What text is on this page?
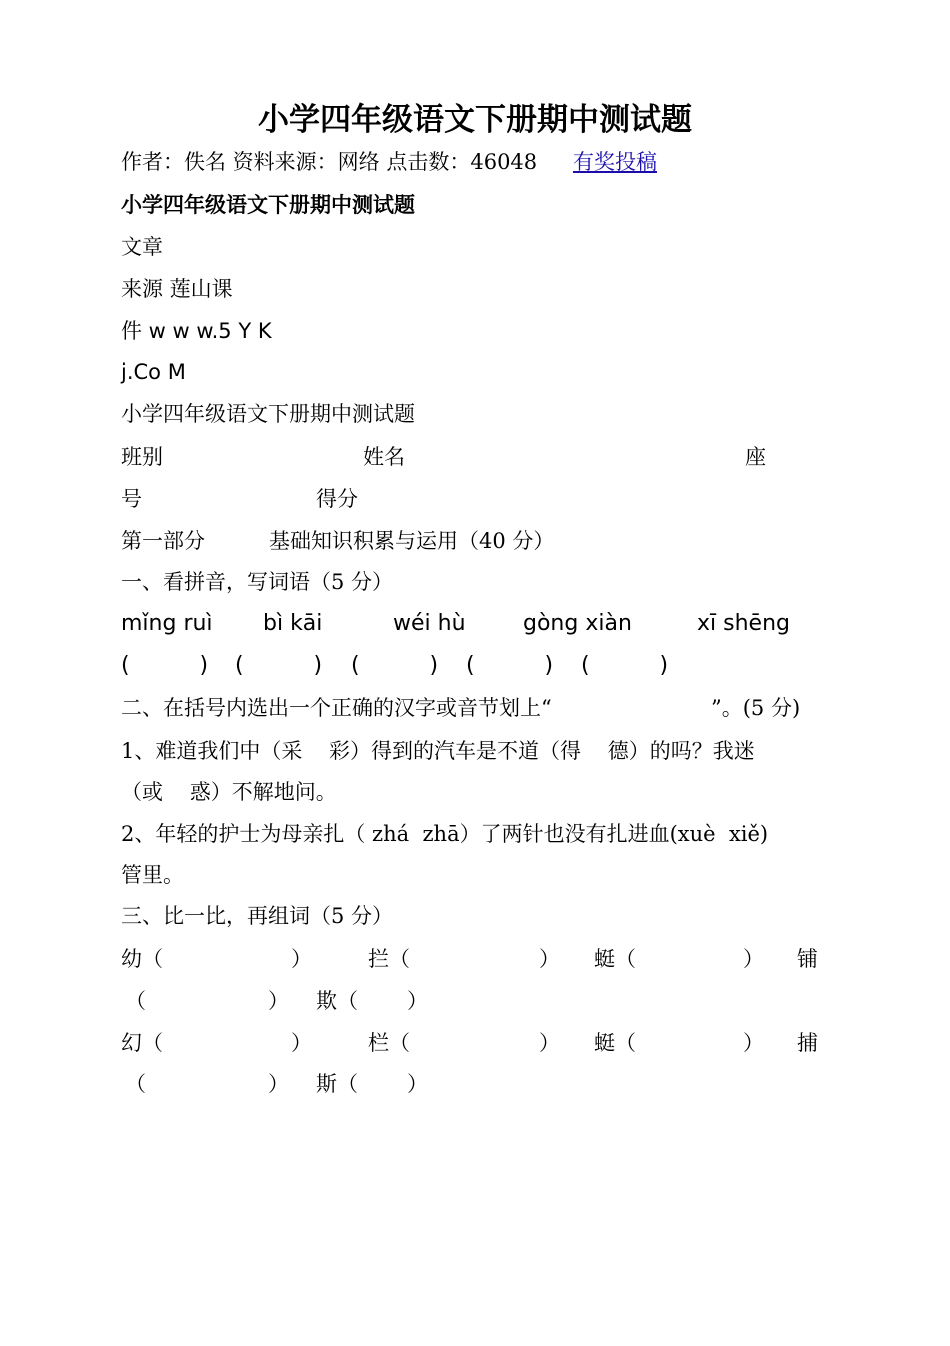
小学四年级语文下册期中测试题
作者：佚名 资料来源：网络 点击数：46048 有奖投稿
小学四年级语文下册期中测试题
文章
来源 莲山课
件 w w w.5 Y K
j.Co M
小学四年级语文下册期中测试题
班别	姓名	座
号	得分
第一部分	基础知识积累与运用（40 分）
一、看拼音，写词语（5 分）
mǐng ruì bì kāi	wéi hù	gòng xiàn	xī shēng
(          ) (          ) (          ) (          ) (          )
二、在括号内选出一个正确的汉字或音节划上“	”。(5 分)
1、难道我们中（采    彩）得到的汽车是不道（得    德）的吗？我迷
（或    惑）不解地问。
2、年轻的护士为母亲扎（ zhá  zhā）了两针也没有扎进血(xuè  xiě)
管里。
三、比一比，再组词（5 分）
幼（	）	拦（	） 蜓（	） 铺
（	） 欺（ ）
幻（	）	栏（	） 蜓（	） 捕
（	） 斯（ ）
